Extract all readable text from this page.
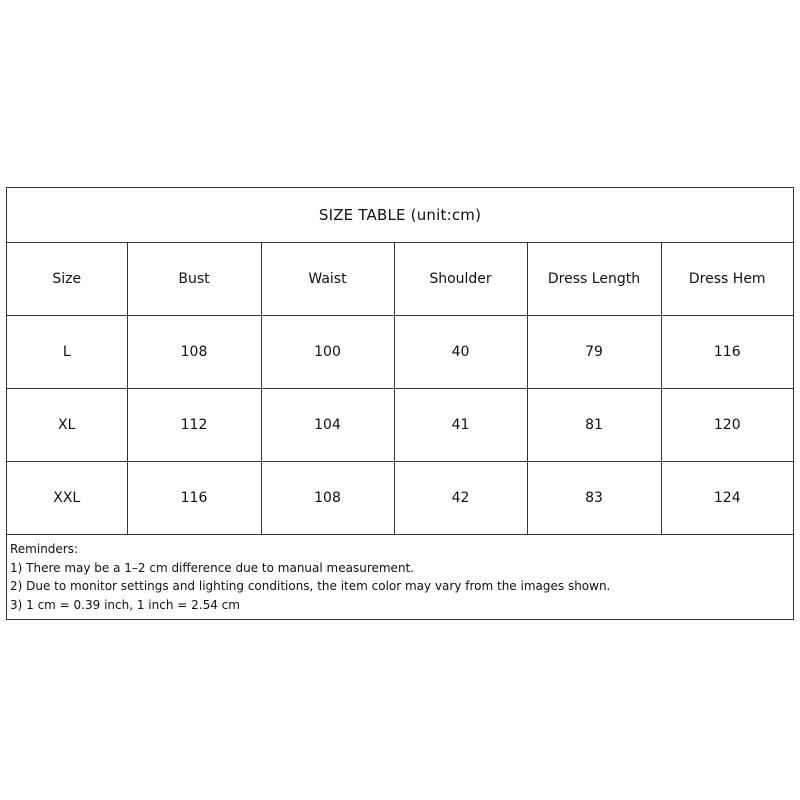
SIZE TABLE (unit:cm)
Size	Bust	Waist	Shoulder	Dress Length	Dress Hem
L	108	100	40	79	116
XL	112	104	41	81	120
XXL	116	108	42	83	124
Reminders:
1) There may be a 1–2 cm difference due to manual measurement.
2) Due to monitor settings and lighting conditions, the item color may vary from the images shown.
3) 1 cm = 0.39 inch, 1 inch = 2.54 cm
